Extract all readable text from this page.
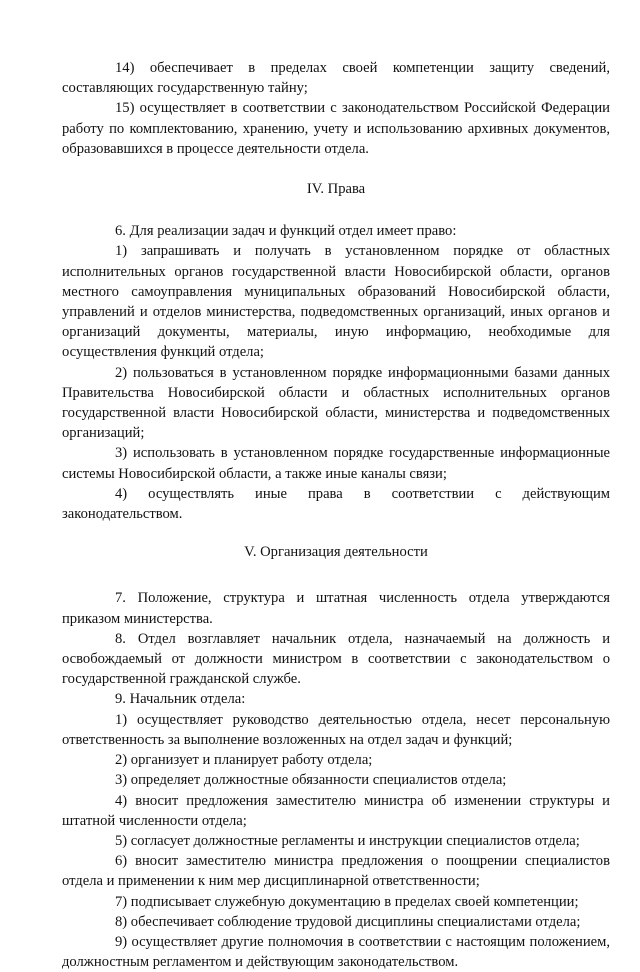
14) обеспечивает в пределах своей компетенции защиту сведений, составляющих государственную тайну;

15) осуществляет в соответствии с законодательством Российской Федерации работу по комплектованию, хранению, учету и использованию архивных документов, образовавшихся в процессе деятельности отдела.

IV. Права

6. Для реализации задач и функций отдел имеет право:

1) запрашивать и получать в установленном порядке от областных исполнительных органов государственной власти Новосибирской области, органов местного самоуправления муниципальных образований Новосибирской области, управлений и отделов министерства, подведомственных организаций, иных органов и организаций документы, материалы, иную информацию, необходимые для осуществления функций отдела;

2) пользоваться в установленном порядке информационными базами данных Правительства Новосибирской области и областных исполнительных органов государственной власти Новосибирской области, министерства и подведомственных организаций;

3) использовать в установленном порядке государственные информационные системы Новосибирской области, а также иные каналы связи;

4) осуществлять иные права в соответствии с действующим законодательством.

V. Организация деятельности

7. Положение, структура и штатная численность отдела утверждаются приказом министерства.

8. Отдел возглавляет начальник отдела, назначаемый на должность и освобождаемый от должности министром в соответствии с законодательством о государственной гражданской службе.

9. Начальник отдела:

1) осуществляет руководство деятельностью отдела, несет персональную ответственность за выполнение возложенных на отдел задач и функций;

2) организует и планирует работу отдела;

3) определяет должностные обязанности специалистов отдела;

4) вносит предложения заместителю министра об изменении структуры и штатной численности отдела;

5) согласует должностные регламенты и инструкции специалистов отдела;

6) вносит заместителю министра предложения о поощрении специалистов отдела и применении к ним мер дисциплинарной ответственности;

7) подписывает служебную документацию в пределах своей компетенции;

8) обеспечивает соблюдение трудовой дисциплины специалистами отдела;

9) осуществляет другие полномочия в соответствии с настоящим положением, должностным регламентом и действующим законодательством.
